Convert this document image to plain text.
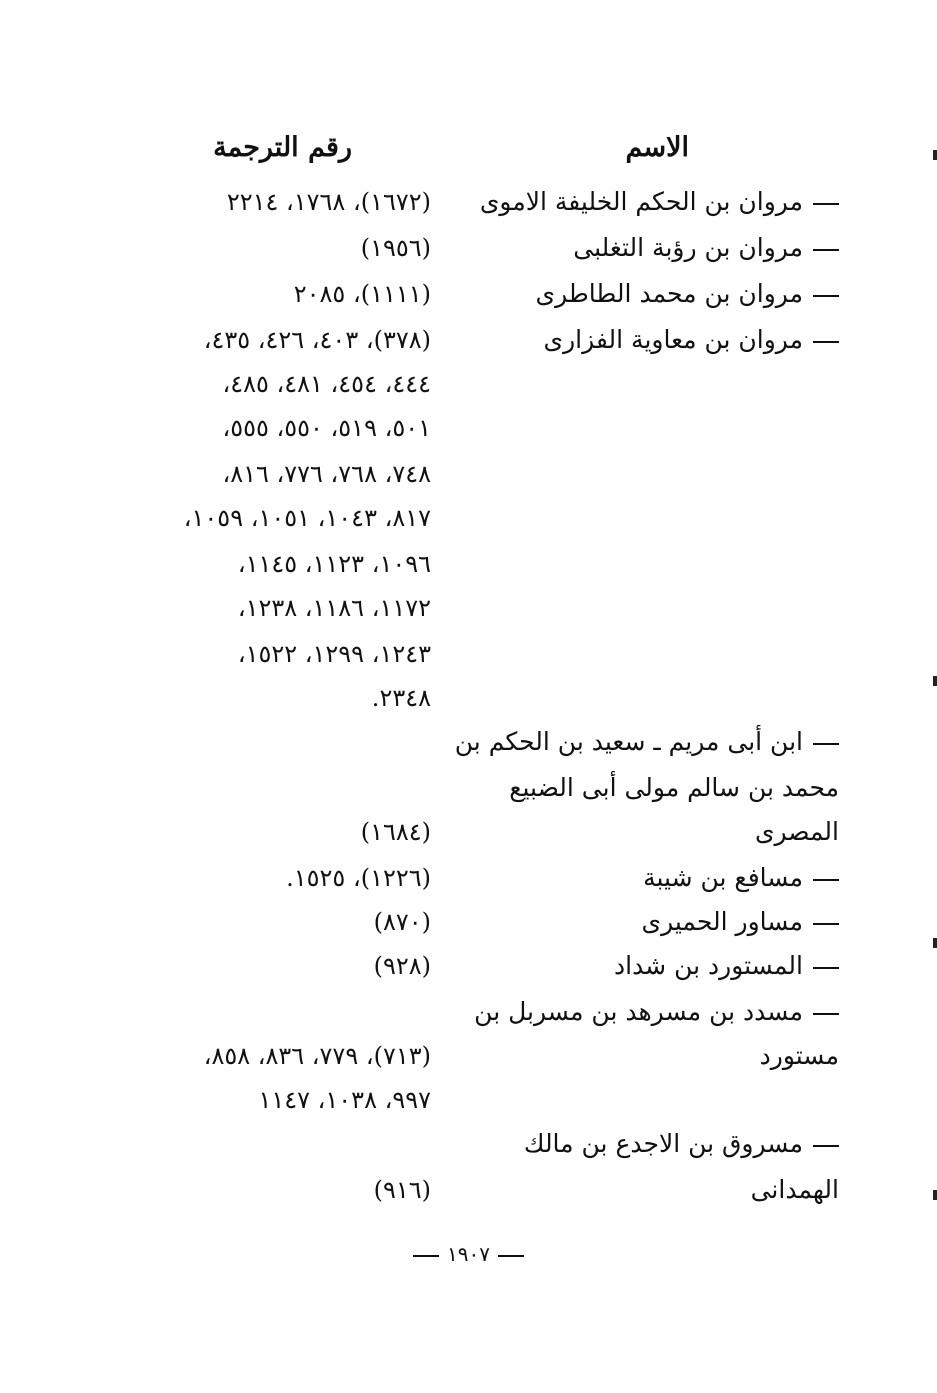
الاسم
رقم الترجمة
مروان بن الحكم الخليفة الاموى
(١٦٧٢)، ١٧٦٨، ٢٢١٤
مروان بن رؤبة التغلبى
(١٩٥٦)
مروان بن محمد الطاطرى
(١١١١)، ٢٠٨٥
مروان بن معاوية الفزارى
(٣٧٨)، ٤٠٣، ٤٢٦، ٤٣٥،
٤٤٤، ٤٥٤، ٤٨١، ٤٨٥،
٥٠١، ٥١٩، ٥٥٠، ٥٥٥،
٧٤٨، ٧٦٨، ٧٧٦، ٨١٦،
٨١٧، ١٠٤٣، ١٠٥١، ١٠٥٩،
١٠٩٦، ١١٢٣، ١١٤٥،
١١٧٢، ١١٨٦، ١٢٣٨،
١٢٤٣، ١٢٩٩، ١٥٢٢،
٢٣٤٨.
ابن أبى مريم ـ سعيد بن الحكم بن
محمد بن سالم مولى أبى الضبيع
المصرى
(١٦٨٤)
مسافع بن شيبة
(١٢٢٦)، ١٥٢٥.
مساور الحميرى
(٨٧٠)
المستورد بن شداد
(٩٢٨)
مسدد بن مسرهد بن مسربل بن
مستورد
(٧١٣)، ٧٧٩، ٨٣٦، ٨٥٨،
٩٩٧، ١٠٣٨، ١١٤٧
مسروق بن الاجدع بن مالك
الهمدانى
(٩١٦)
١٩٠٧
